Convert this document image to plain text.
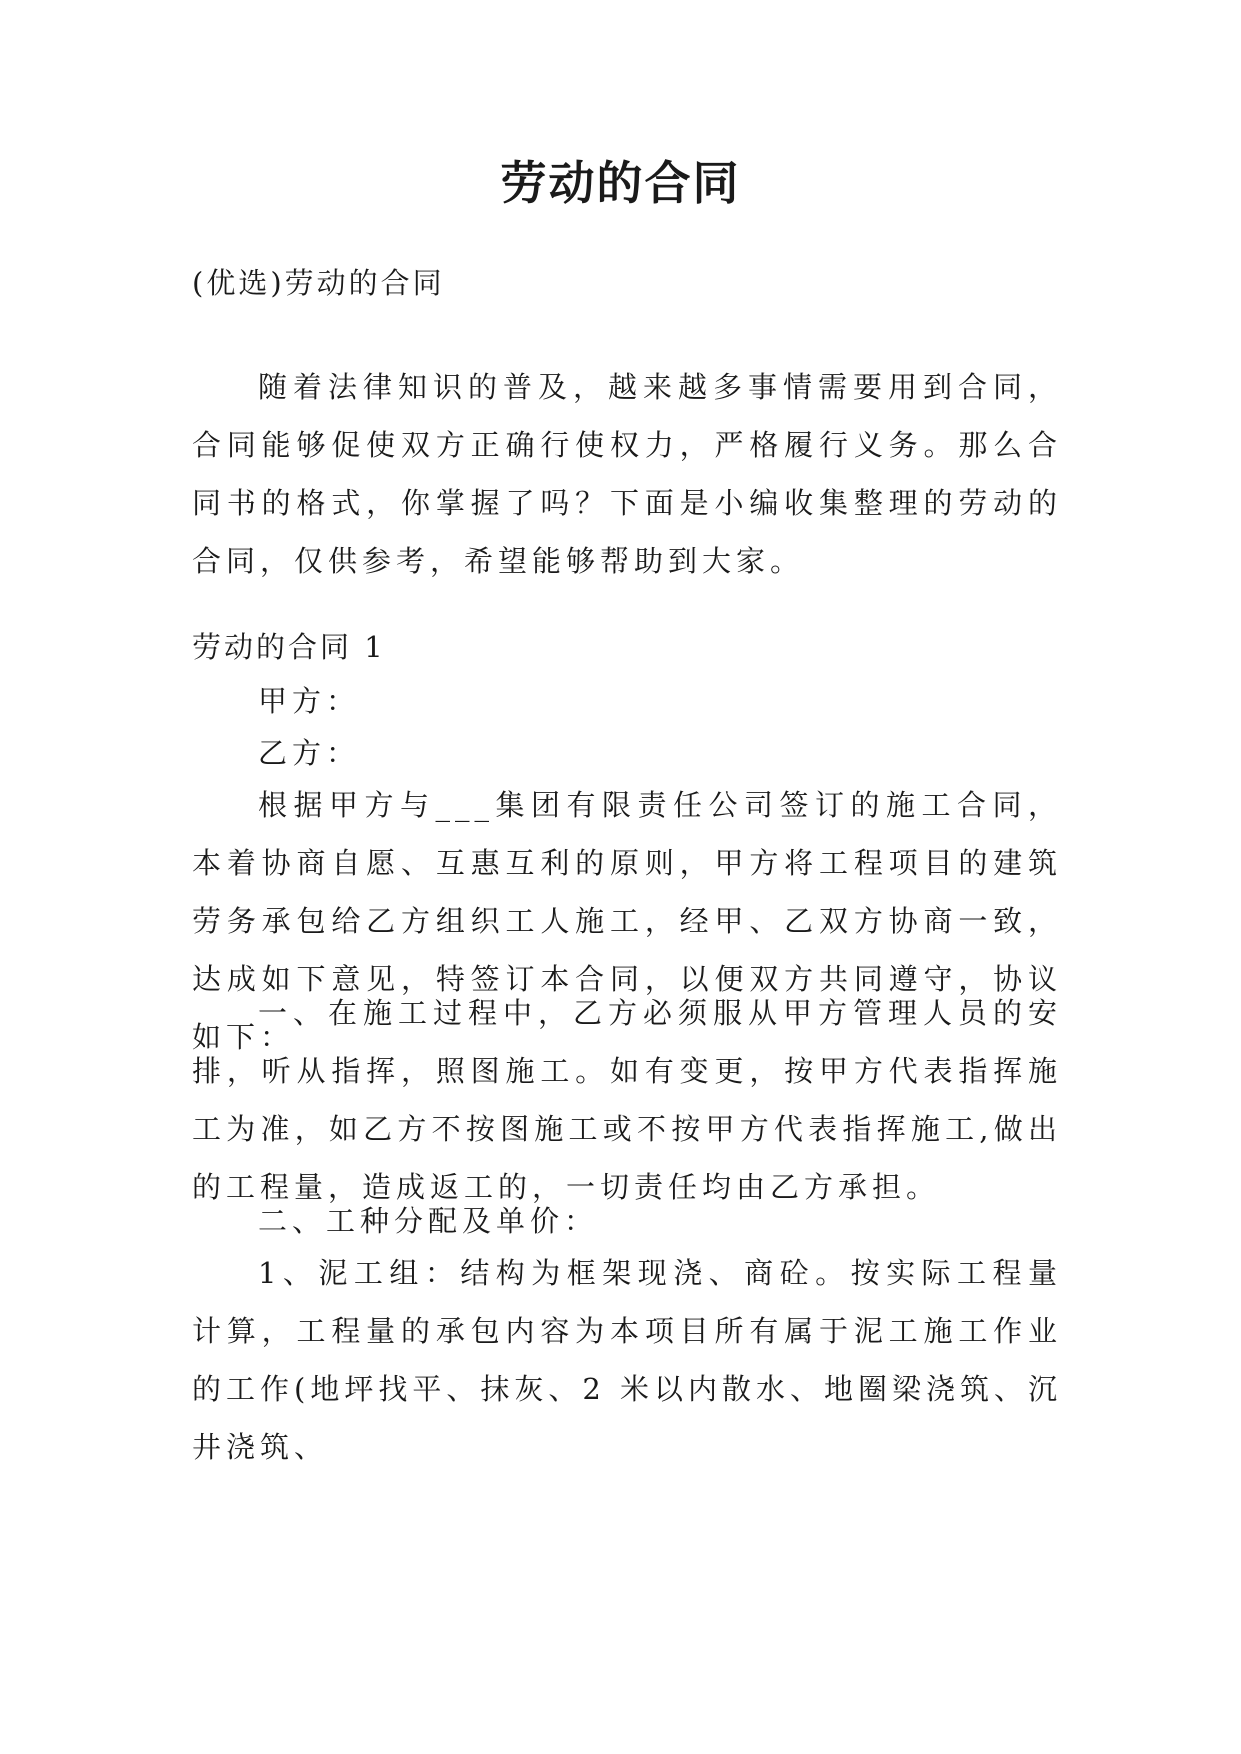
劳动的合同

(优选)劳动的合同

随着法律知识的普及，越来越多事情需要用到合同，合同能够促使双方正确行使权力，严格履行义务。那么合同书的格式，你掌握了吗？下面是小编收集整理的劳动的合同，仅供参考，希望能够帮助到大家。

劳动的合同 1

甲方：

乙方：

根据甲方与___集团有限责任公司签订的施工合同，本着协商自愿、互惠互利的原则，甲方将工程项目的建筑劳务承包给乙方组织工人施工，经甲、乙双方协商一致，达成如下意见，特签订本合同，以便双方共同遵守，协议如下：

一、在施工过程中，乙方必须服从甲方管理人员的安排，听从指挥，照图施工。如有变更，按甲方代表指挥施工为准，如乙方不按图施工或不按甲方代表指挥施工,做出的工程量，造成返工的，一切责任均由乙方承担。

二、工种分配及单价：

1、泥工组：结构为框架现浇、商砼。按实际工程量计算，工程量的承包内容为本项目所有属于泥工施工作业的工作(地坪找平、抹灰、2 米以内散水、地圈梁浇筑、沉井浇筑、
